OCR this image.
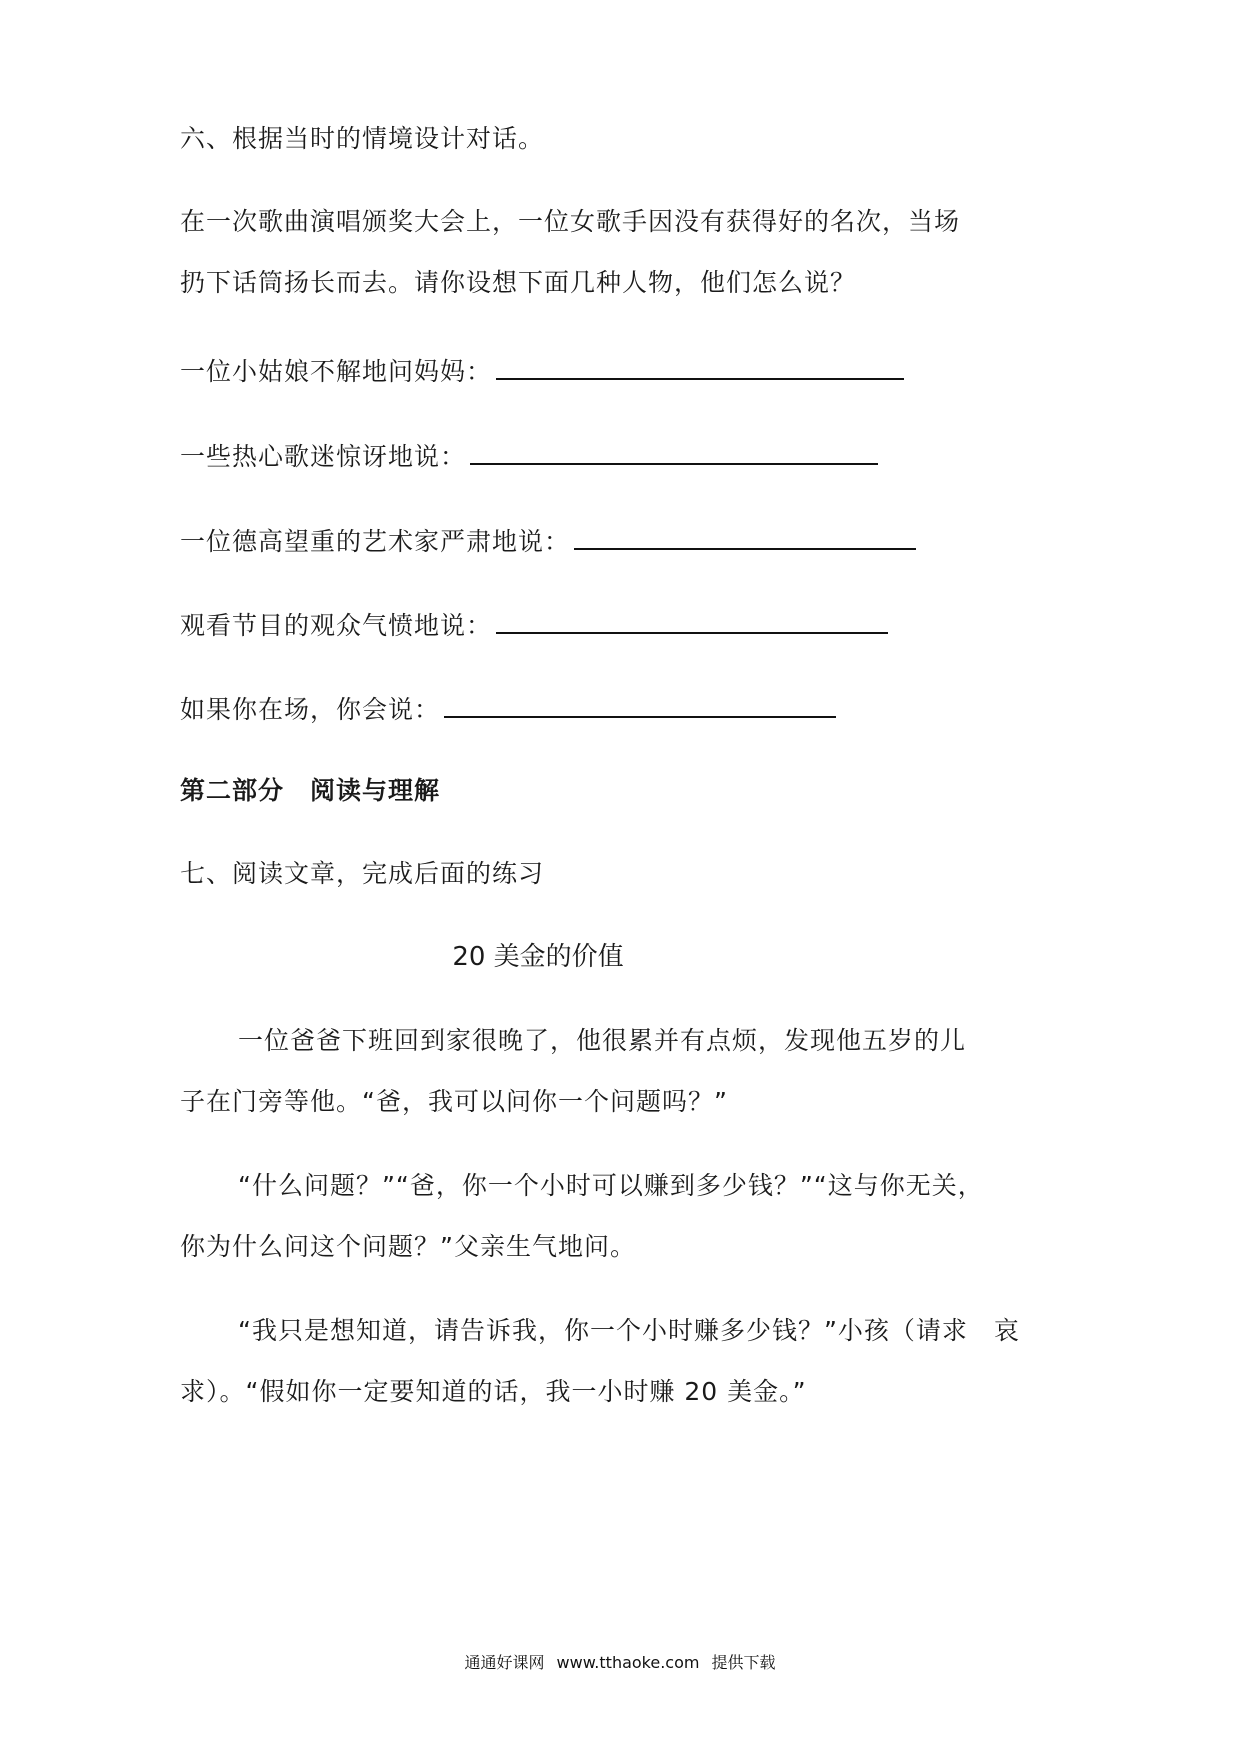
六、根据当时的情境设计对话。
在一次歌曲演唱颁奖大会上，一位女歌手因没有获得好的名次，当场
扔下话筒扬长而去。请你设想下面几种人物，他们怎么说？
一位小姑娘不解地问妈妈：
一些热心歌迷惊讶地说：
一位德高望重的艺术家严肃地说：
观看节目的观众气愤地说：
如果你在场，你会说：
第二部分　阅读与理解
七、阅读文章，完成后面的练习
20 美金的价值
一位爸爸下班回到家很晚了，他很累并有点烦，发现他五岁的儿
子在门旁等他。“爸，我可以问你一个问题吗？”
“什么问题？”“爸，你一个小时可以赚到多少钱？”“这与你无关，
你为什么问这个问题？”父亲生气地问。
“我只是想知道，请告诉我，你一个小时赚多少钱？”小孩（请求　哀
求）。“假如你一定要知道的话，我一小时赚 20 美金。”
通通好课网 www.tthaoke.com 提供下载
